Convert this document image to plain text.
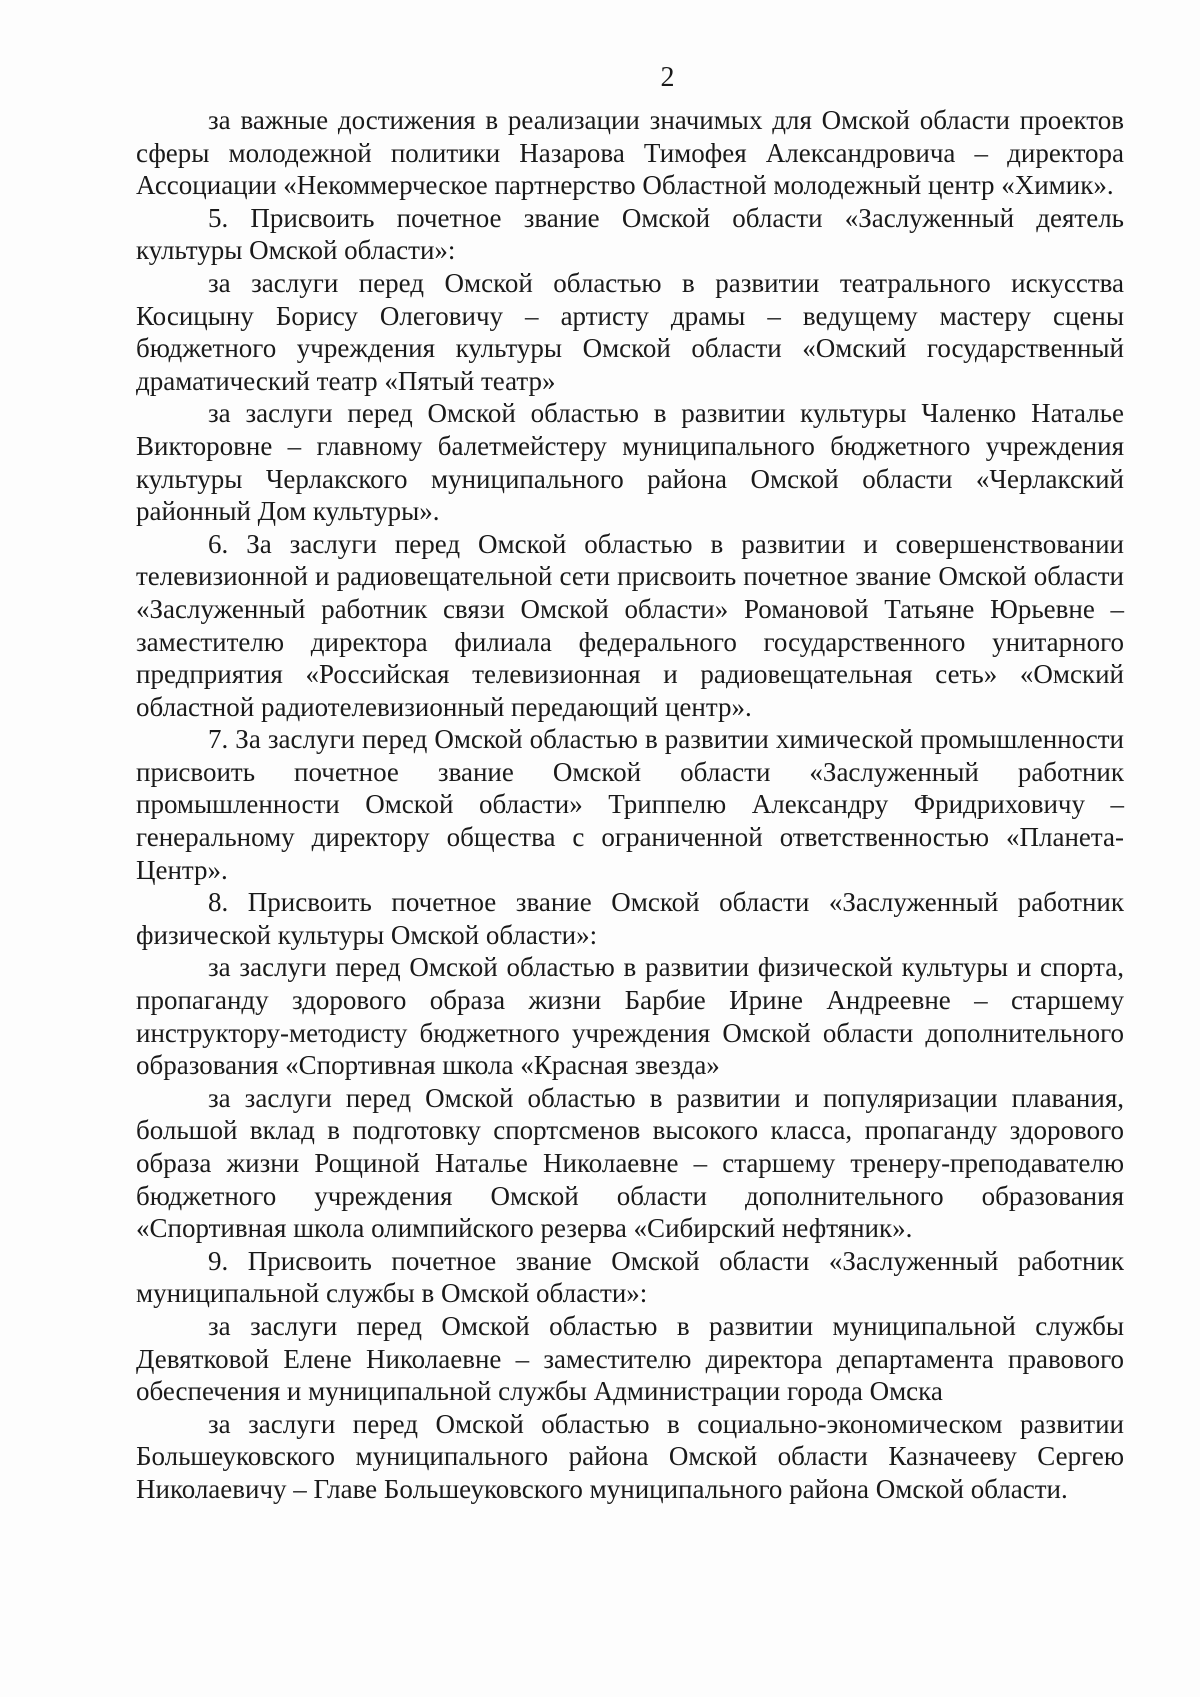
2

за важные достижения в реализации значимых для Омской области проектов сферы молодежной политики Назарова Тимофея Александровича – директора Ассоциации «Некоммерческое партнерство Областной молодежный центр «Химик».

5. Присвоить почетное звание Омской области «Заслуженный деятель культуры Омской области»:

за заслуги перед Омской областью в развитии театрального искусства Косицыну Борису Олеговичу – артисту драмы – ведущему мастеру сцены бюджетного учреждения культуры Омской области «Омский государственный драматический театр «Пятый театр»

за заслуги перед Омской областью в развитии культуры Чаленко Наталье Викторовне – главному балетмейстеру муниципального бюджетного учреждения культуры Черлакского муниципального района Омской области «Черлакский районный Дом культуры».

6. За заслуги перед Омской областью в развитии и совершенствовании телевизионной и радиовещательной сети присвоить почетное звание Омской области «Заслуженный работник связи Омской области» Романовой Татьяне Юрьевне – заместителю директора филиала федерального государственного унитарного предприятия «Российская телевизионная и радиовещательная сеть» «Омский областной радиотелевизионный передающий центр».

7. За заслуги перед Омской областью в развитии химической промышленности присвоить почетное звание Омской области «Заслуженный работник промышленности Омской области» Триппелю Александру Фридриховичу – генеральному директору общества с ограниченной ответственностью «Планета-Центр».

8. Присвоить почетное звание Омской области «Заслуженный работник физической культуры Омской области»:

за заслуги перед Омской областью в развитии физической культуры и спорта, пропаганду здорового образа жизни Барбие Ирине Андреевне – старшему инструктору-методисту бюджетного учреждения Омской области дополнительного образования «Спортивная школа «Красная звезда»

за заслуги перед Омской областью в развитии и популяризации плавания, большой вклад в подготовку спортсменов высокого класса, пропаганду здорового образа жизни Рощиной Наталье Николаевне – старшему тренеру-преподавателю бюджетного учреждения Омской области дополнительного образования «Спортивная школа олимпийского резерва «Сибирский нефтяник».

9. Присвоить почетное звание Омской области «Заслуженный работник муниципальной службы в Омской области»:

за заслуги перед Омской областью в развитии муниципальной службы Девятковой Елене Николаевне – заместителю директора департамента правового обеспечения и муниципальной службы Администрации города Омска

за заслуги перед Омской областью в социально-экономическом развитии Большеуковского муниципального района Омской области Казначееву Сергею Николаевичу – Главе Большеуковского муниципального района Омской области.
